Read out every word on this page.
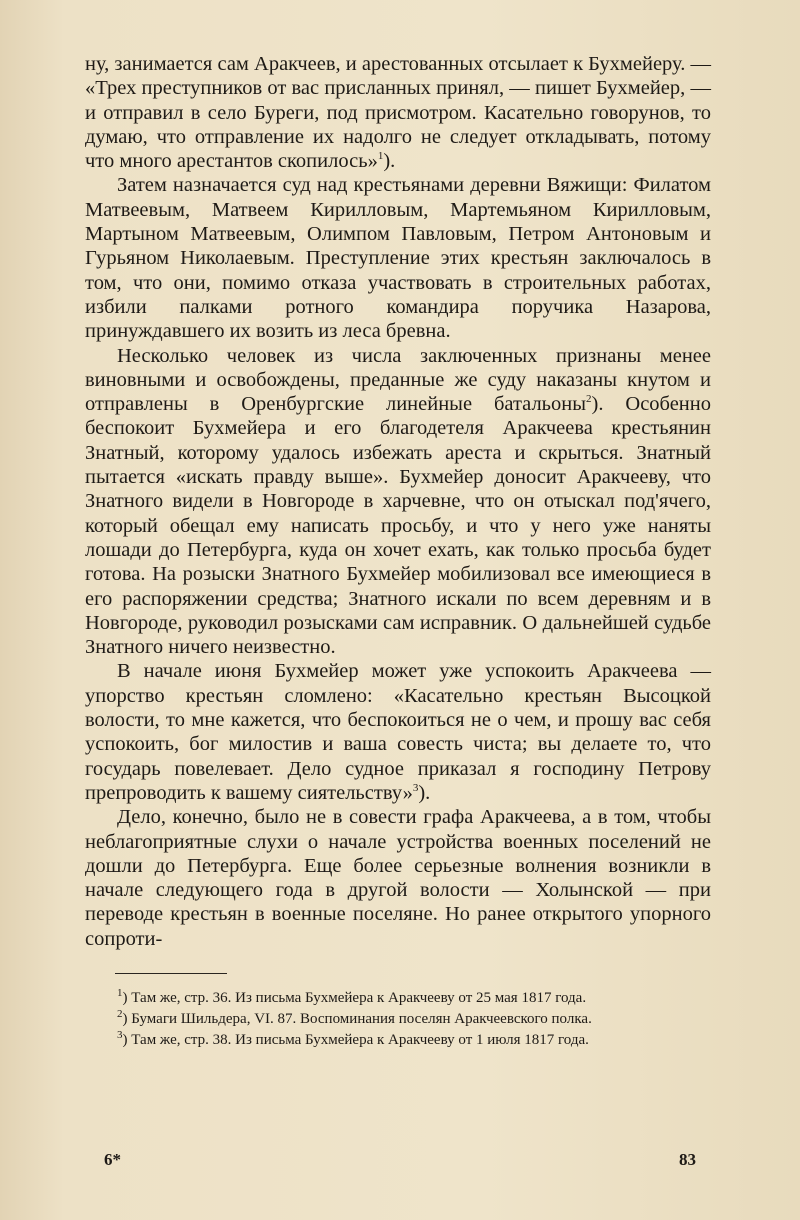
ну, занимается сам Аракчеев, и арестованных отсылает к Бухмейеру. — «Трех преступников от вас присланных принял, — пишет Бухмейер, — и отправил в село Буреги, под присмотром. Касательно говорунов, то думаю, что отправление их надолго не следует откладывать, потому что много арестантов скопилось»$^1$).

Затем назначается суд над крестьянами деревни Вяжищи: Филатом Матвеевым, Матвеем Кирилловым, Мартемьяном Кирилловым, Мартыном Матвеевым, Олимпом Павловым, Петром Антоновым и Гурьяном Николаевым. Преступление этих крестьян заключалось в том, что они, помимо отказа участвовать в строительных работах, избили палками ротного командира поручика Назарова, принуждавшего их возить из леса бревна.

Несколько человек из числа заключенных признаны менее виновными и освобождены, преданные же суду наказаны кнутом и отправлены в Оренбургские линейные батальоны$^2$). Особенно беспокоит Бухмейера и его благодетеля Аракчеева крестьянин Знатный, которому удалось избежать ареста и скрыться. Знатный пытается «искать правду выше». Бухмейер доносит Аракчееву, что Знатного видели в Новгороде в харчевне, что он отыскал под'ячего, который обещал ему написать просьбу, и что у него уже наняты лошади до Петербурга, куда он хочет ехать, как только просьба будет готова. На розыски Знатного Бухмейер мобилизовал все имеющиеся в его распоряжении средства; Знатного искали по всем деревням и в Новгороде, руководил розысками сам исправник. О дальнейшей судьбе Знатного ничего неизвестно.

В начале июня Бухмейер может уже успокоить Аракчеева — упорство крестьян сломлено: «Касательно крестьян Высоцкой волости, то мне кажется, что беспокоиться не о чем, и прошу вас себя успокоить, бог милостив и ваша совесть чиста; вы делаете то, что государь повелевает. Дело судное приказал я господину Петрову препроводить к вашему сиятельству»$^3$).

Дело, конечно, было не в совести графа Аракчеева, а в том, чтобы неблагоприятные слухи о начале устройства военных поселений не дошли до Петербурга. Еще более серьезные волнения возникли в начале следующего года в другой волости — Холынской — при переводе крестьян в военные поселяне. Но ранее открытого упорного сопроти-

$^1$) Там же, стр. 36. Из письма Бухмейера к Аракчееву от 25 мая 1817 года.

$^2$) Бумаги Шильдера, VI. 87. Воспоминания поселян Аракчеевского полка.

$^3$) Там же, стр. 38. Из письма Бухмейера к Аракчееву от 1 июля 1817 года.

6*	83
